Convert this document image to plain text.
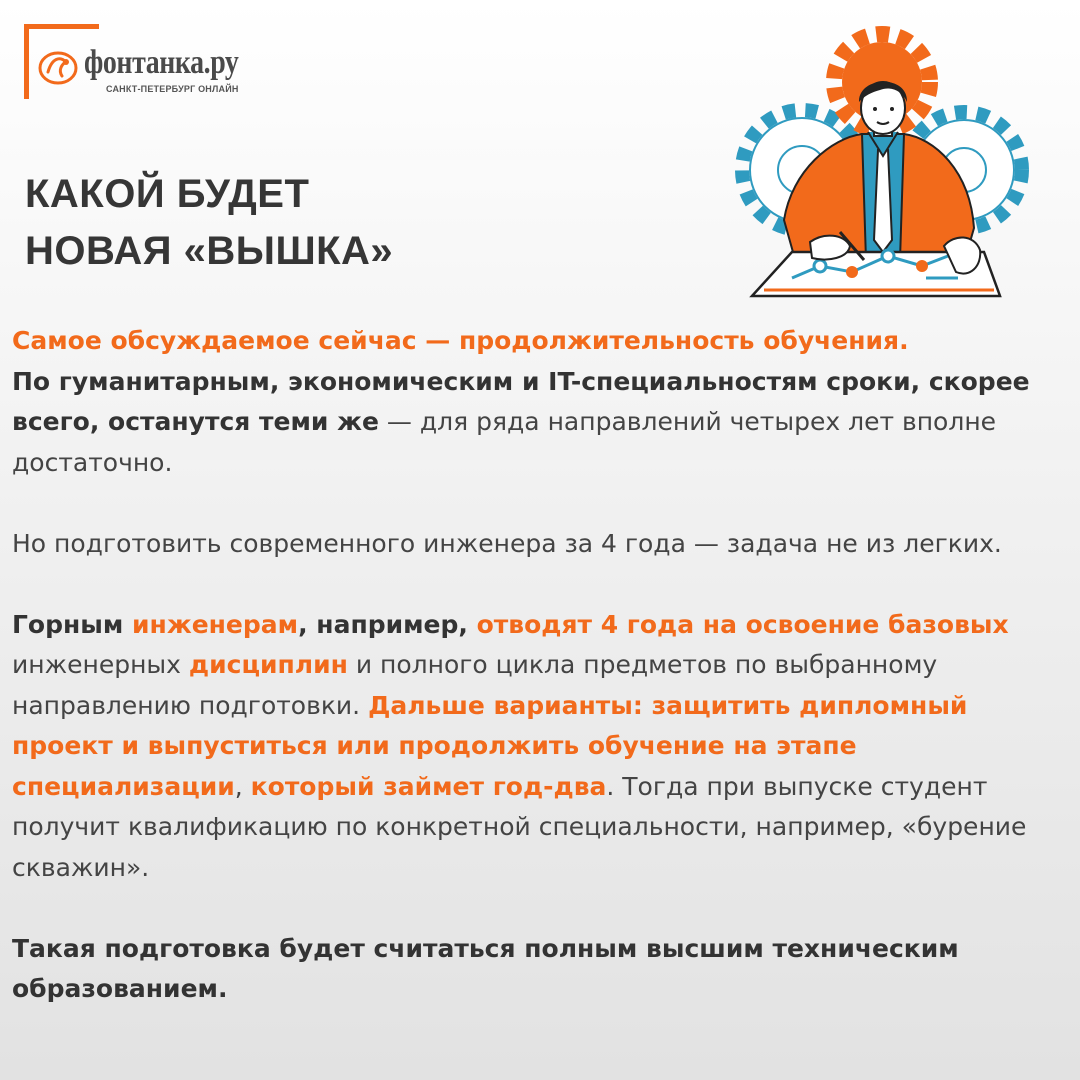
фонтанка.ру
САНКТ-ПЕТЕРБУРГ ОНЛАЙН
КАКОЙ БУДЕТ
НОВАЯ «ВЫШКА»

Самое обсуждаемое сейчас — продолжительность обучения.
По гуманитарным, экономическим и IT-специальностям сроки, скорее всего, останутся теми же — для ряда направлений четырех лет вполне достаточно.

Но подготовить современного инженера за 4 года — задача не из легких.

Горным инженерам, например, отводят 4 года на освоение базовых инженерных дисциплин и полного цикла предметов по выбранному направлению подготовки. Дальше варианты: защитить дипломный проект и выпуститься или продолжить обучение на этапе специализации, который займет год-два. Тогда при выпуске студент получит квалификацию по конкретной специальности, например, «бурение скважин».

Такая подготовка будет считаться полным высшим техническим образованием.
